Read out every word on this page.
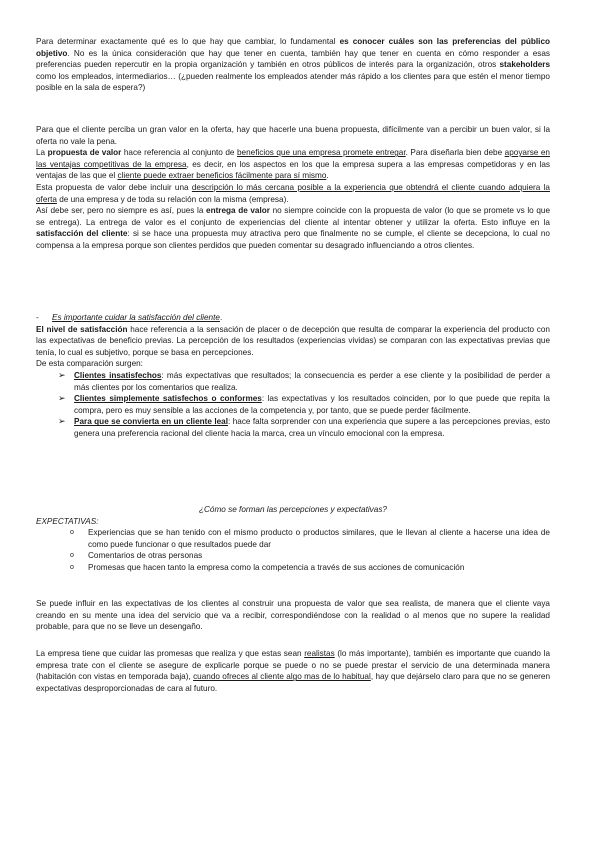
Para determinar exactamente qué es lo que hay que cambiar, lo fundamental es conocer cuáles son las preferencias del público objetivo. No es la única consideración que hay que tener en cuenta, también hay que tener en cuenta en cómo responder a esas preferencias pueden repercutir en la propia organización y también en otros públicos de interés para la organización, otros stakeholders como los empleados, intermediarios… (¿pueden realmente los empleados atender más rápido a los clientes para que estén el menor tiempo posible en la sala de espera?)

Para que el cliente perciba un gran valor en la oferta, hay que hacerle una buena propuesta, difícilmente van a percibir un buen valor, si la oferta no vale la pena.

La propuesta de valor hace referencia al conjunto de beneficios que una empresa promete entregar. Para diseñarla bien debe apoyarse en las ventajas competitivas de la empresa, es decir, en los aspectos en los que la empresa supera a las empresas competidoras y en las ventajas de las que el cliente puede extraer beneficios fácilmente para sí mismo.

Esta propuesta de valor debe incluir una descripción lo más cercana posible a la experiencia que obtendrá el cliente cuando adquiera la oferta de una empresa y de toda su relación con la misma (empresa).

Así debe ser, pero no siempre es así, pues la entrega de valor no siempre coincide con la propuesta de valor (lo que se promete vs lo que se entrega). La entrega de valor es el conjunto de experiencias del cliente al intentar obtener y utilizar la oferta. Esto influye en la satisfacción del cliente: si se hace una propuesta muy atractiva pero que finalmente no se cumple, el cliente se decepciona, lo cual no compensa a la empresa porque son clientes perdidos que pueden comentar su desagrado influenciando a otros clientes.

- Es importante cuidar la satisfacción del cliente.

El nivel de satisfacción hace referencia a la sensación de placer o de decepción que resulta de comparar la experiencia del producto con las expectativas de beneficio previas. La percepción de los resultados (experiencias vividas) se comparan con las expectativas previas que tenía, lo cual es subjetivo, porque se basa en percepciones.

De esta comparación surgen:

➢ Clientes insatisfechos: más expectativas que resultados; la consecuencia es perder a ese cliente y la posibilidad de perder a más clientes por los comentarios que realiza.
➢ Clientes simplemente satisfechos o conformes: las expectativas y los resultados coinciden, por lo que puede que repita la compra, pero es muy sensible a las acciones de la competencia y, por tanto, que se puede perder fácilmente.
➢ Para que se convierta en un cliente leal: hace falta sorprender con una experiencia que supere a las percepciones previas, esto genera una preferencia racional del cliente hacia la marca, crea un vínculo emocional con la empresa.

¿Cómo se forman las percepciones y expectativas?

EXPECTATIVAS:

o Experiencias que se han tenido con el mismo producto o productos similares, que le llevan al cliente a hacerse una idea de como puede funcionar o que resultados puede dar
o Comentarios de otras personas
o Promesas que hacen tanto la empresa como la competencia a través de sus acciones de comunicación

Se puede influir en las expectativas de los clientes al construir una propuesta de valor que sea realista, de manera que el cliente vaya creando en su mente una idea del servicio que va a recibir, correspondiéndose con la realidad o al menos que no supere la realidad probable, para que no se lleve un desengaño.

La empresa tiene que cuidar las promesas que realiza y que estas sean realistas (lo más importante), también es importante que cuando la empresa trate con el cliente se asegure de explicarle porque se puede o no se puede prestar el servicio de una determinada manera (habitación con vistas en temporada baja), cuando ofreces al cliente algo mas de lo habitual, hay que dejárselo claro para que no se generen expectativas desproporcionadas de cara al futuro.
